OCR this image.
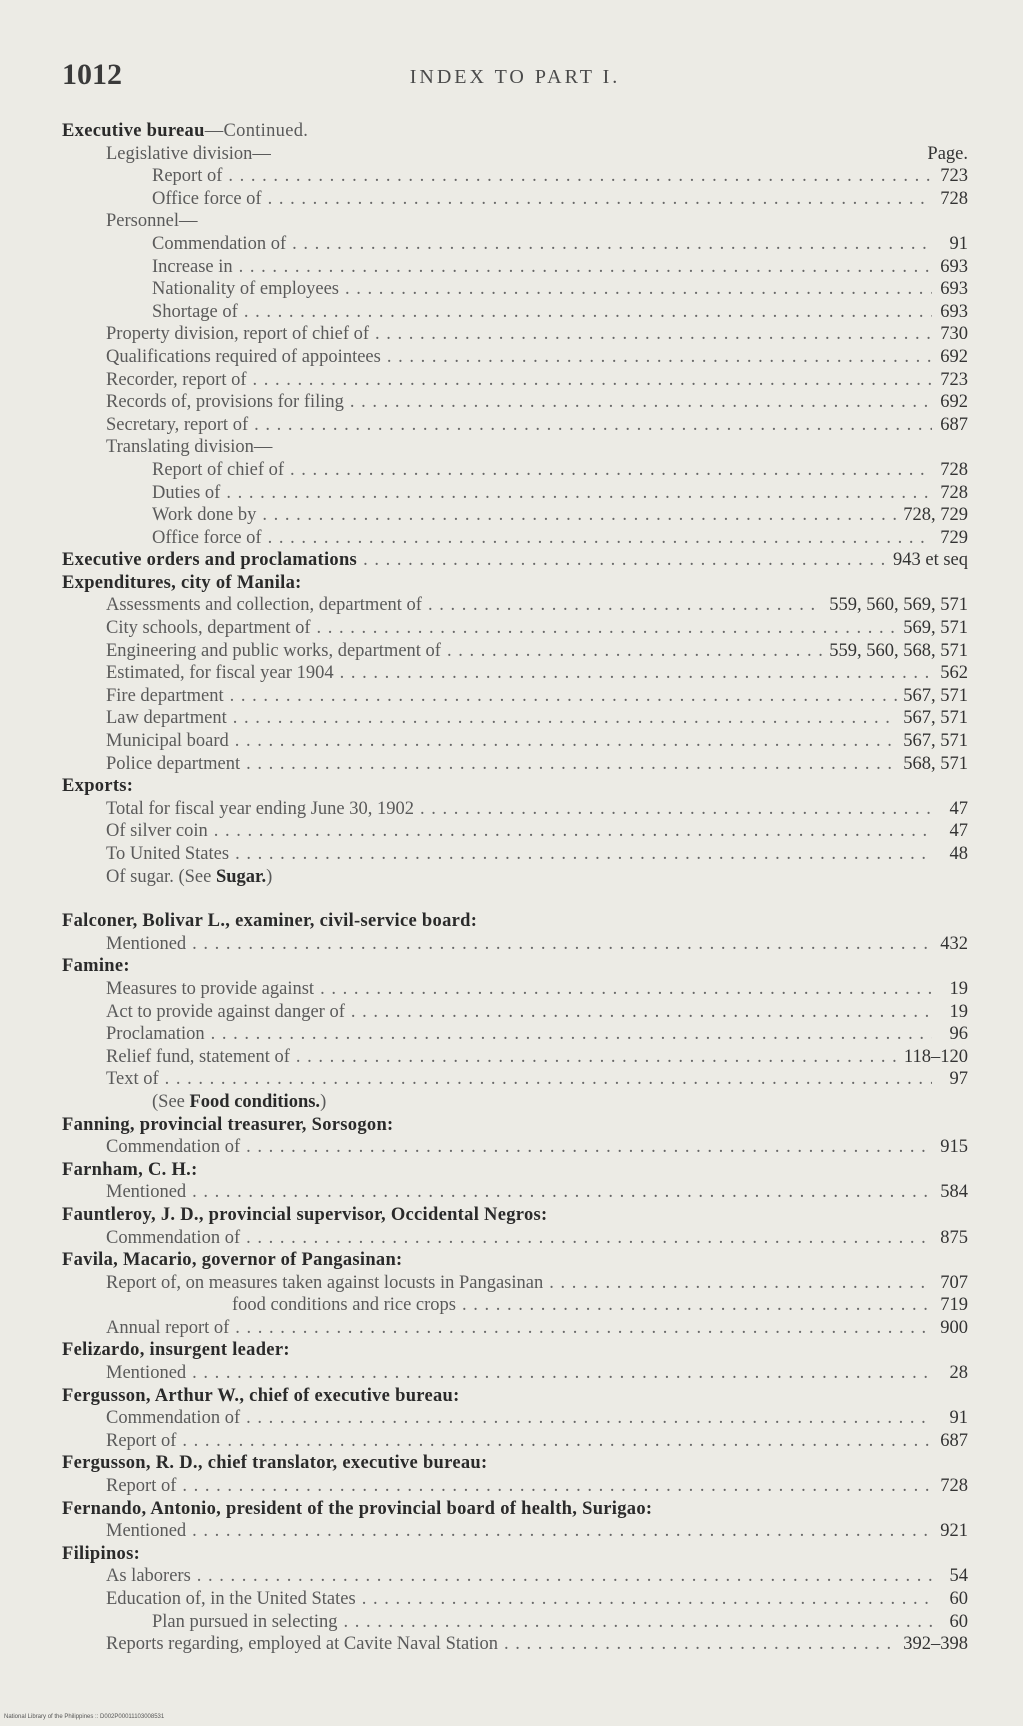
1012	INDEX TO PART I.
Executive bureau—Continued.
Legislative division—	Page.
Report of . . .	723
Office force of . . .	728
Personnel—
Commendation of . . .	91
Increase in . . .	693
Nationality of employees . . .	693
Shortage of . . .	693
Property division, report of chief of . . .	730
Qualifications required of appointees . . .	692
Recorder, report of . . .	723
Records of, provisions for filing . . .	692
Secretary, report of . . .	687
Translating division—
Report of chief of . . .	728
Duties of . . .	728
Work done by . . .	728, 729
Office force of . . .	729
Executive orders and proclamations . . .	943 et seq
Expenditures, city of Manila:
Assessments and collection, department of . . .	559, 560, 569, 571
City schools, department of . . .	569, 571
Engineering and public works, department of . . .	559, 560, 568, 571
Estimated, for fiscal year 1904 . . .	562
Fire department . . .	567, 571
Law department . . .	567, 571
Municipal board . . .	567, 571
Police department . . .	568, 571
Exports:
Total for fiscal year ending June 30, 1902 . . .	47
Of silver coin . . .	47
To United States . . .	48
Of sugar. (See Sugar.)
Falconer, Bolivar L., examiner, civil-service board:
Mentioned . . .	432
Famine:
Measures to provide against . . .	19
Act to provide against danger of . . .	19
Proclamation . . .	96
Relief fund, statement of . . .	118–120
Text of . . .	97
(See Food conditions.)
Fanning, provincial treasurer, Sorsogon:
Commendation of . . .	915
Farnham, C. H.:
Mentioned . . .	584
Fauntleroy, J. D., provincial supervisor, Occidental Negros:
Commendation of . . .	875
Favila, Macario, governor of Pangasinan:
Report of, on measures taken against locusts in Pangasinan . . .	707
food conditions and rice crops . . .	719
Annual report of . . .	900
Felizardo, insurgent leader:
Mentioned . . .	28
Fergusson, Arthur W., chief of executive bureau:
Commendation of . . .	91
Report of . . .	687
Fergusson, R. D., chief translator, executive bureau:
Report of . . .	728
Fernando, Antonio, president of the provincial board of health, Surigao:
Mentioned . . .	921
Filipinos:
As laborers . . .	54
Education of, in the United States . . .	60
Plan pursued in selecting . . .	60
Reports regarding, employed at Cavite Naval Station . . .	392–398
National Library of the Philippines :: D002P00011103008531
